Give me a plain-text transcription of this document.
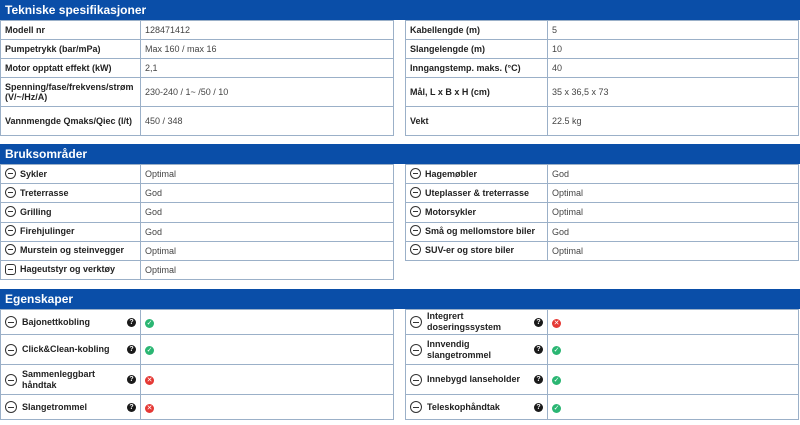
Tekniske spesifikasjoner
Modell nr	128471412
Pumpetrykk (bar/mPa)	Max 160 / max 16
Motor opptatt effekt (kW)	2,1
Spenning/fase/frekvens/strøm (V/~/Hz/A)	230-240 / 1~ /50 / 10
Vannmengde Qmaks/Qiec (l/t)	450 / 348
Kabellengde (m)	5
Slangelengde (m)	10
Inngangstemp. maks. (°C)	40
Mål, L x B x H (cm)	35 x 36,5 x 73
Vekt	22.5 kg
Bruksområder
Sykler	Optimal
Treterrasse	God
Grilling	God
Firehjulinger	God
Murstein og steinvegger	Optimal
Hageutstyr og verktøy	Optimal
Hagemøbler	God
Uteplasser & treterrasse	Optimal
Motorsykler	Optimal
Små og mellomstore biler	God
SUV-er og store biler	Optimal
Egenskaper
Bajonettkobling ?	✓

Click&Clean-kobling ?	✓

Sammenleggbart håndtak ?	✕

Slangetrommel ?	✕
Integrert doseringssystem ?	✕

Innvendig slangetrommel ?	✓

Innebygd lanseholder ?	✓

Teleskophåndtak ?	✓
